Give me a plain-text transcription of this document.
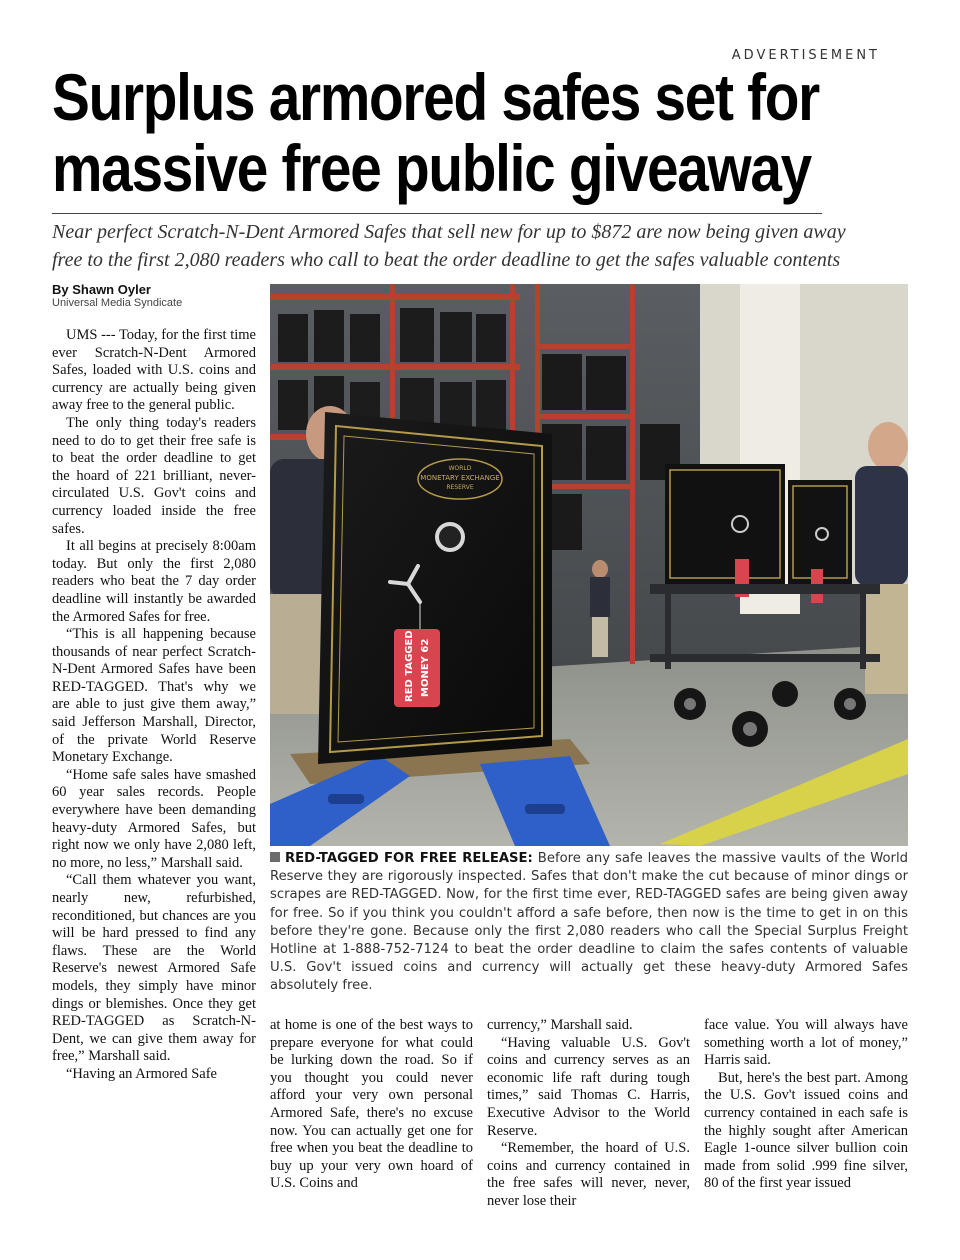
ADVERTISEMENT
Surplus armored safes set for
massive free public giveaway
Near perfect Scratch-N-Dent Armored Safes that sell new for up to $872 are now being given away
free to the first 2,080 readers who call to beat the order deadline to get the safes valuable contents
By Shawn Oyler
Universal Media Syndicate

UMS --- Today, for the first time ever Scratch-N-Dent Armored Safes, loaded with U.S. coins and currency are actually being given away free to the general public.

The only thing today's readers need to do to get their free safe is to beat the order deadline to get the hoard of 221 brilliant, never-circulated U.S. Gov't coins and currency loaded inside the free safes.

It all begins at precisely 8:00am today. But only the first 2,080 readers who beat the 7 day order deadline will instantly be awarded the Armored Safes for free.

“This is all happening because thousands of near perfect Scratch-N-Dent Armored Safes have been RED-TAGGED. That's why we are able to just give them away,” said Jefferson Marshall, Director, of the private World Reserve Monetary Exchange.

“Home safe sales have smashed 60 year sales records. People everywhere have been demanding heavy-duty Armored Safes, but right now we only have 2,080 left, no more, no less,” Marshall said.

“Call them whatever you want, nearly new, refurbished, reconditioned, but chances are you will be hard pressed to find any flaws. These are the World Reserve's newest Armored Safe models, they simply have minor dings or blemishes. Once they get RED-TAGGED as Scratch-N-Dent, we can give them away for free,” Marshall said.

“Having an Armored Safe

WORLD
MONETARY EXCHANGE
RESERVE
RED TAGGED MONEY 62
RED-TAGGED FOR FREE RELEASE: Before any safe leaves the massive vaults of the World Reserve they are rigorously inspected. Safes that don't make the cut because of minor dings or scrapes are RED-TAGGED. Now, for the first time ever, RED-TAGGED safes are being given away for free. So if you think you couldn't afford a safe before, then now is the time to get in on this before they're gone. Because only the first 2,080 readers who call the Special Surplus Freight Hotline at 1-888-752-7124 to beat the order deadline to claim the safes contents of valuable U.S. Gov't issued coins and currency will actually get these heavy-duty Armored Safes absolutely free.

at home is one of the best ways to prepare everyone for what could be lurking down the road. So if you thought you could never afford your very own personal Armored Safe, there's no excuse now. You can actually get one for free when you beat the deadline to buy up your very own hoard of U.S. Coins and

currency,” Marshall said.

“Having valuable U.S. Gov't coins and currency serves as an economic life raft during tough times,” said Thomas C. Harris, Executive Advisor to the World Reserve.

“Remember, the hoard of U.S. coins and currency contained in the free safes will never, never, never lose their

face value. You will always have something worth a lot of money,” Harris said.

But, here's the best part. Among the U.S. Gov't issued coins and currency contained in each safe is the highly sought after American Eagle 1-ounce silver bullion coin made from solid .999 fine silver, 80 of the first year issued
